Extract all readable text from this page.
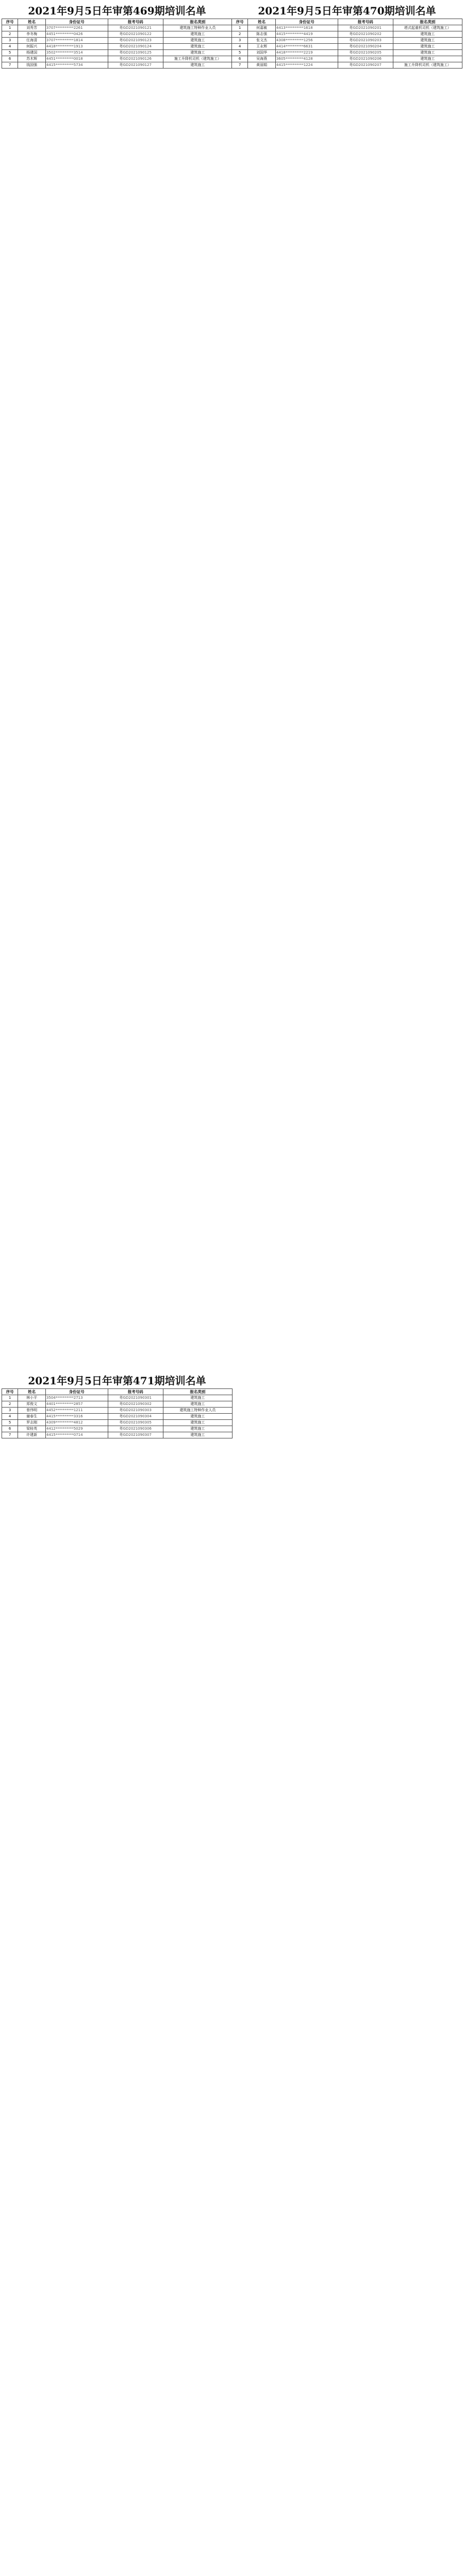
2021年9月5日年审第469期培训名单
序号	姓名	身份证号	报考号码	报名类别
1	刘秀芳	3707**********2261	粤GD2021090121	建筑施工特种作业人员
2	李冬梅	4451**********0426	粤GD2021090122	建筑施工
3	任海清	3707**********1814	粤GD2021090123	建筑施工
4	何振兴	4418**********1913	粤GD2021090124	建筑施工
5	杨建国	3502**********3514	粤GD2021090125	建筑施工
6	苏木辉	4451**********0018	粤GD2021090126	施工升降机司机（建筑施工）
7	钱国强	4415**********5734	粤GD2021090127	建筑施工
2021年9月5日年审第470期培训名单
序号	姓名	身份证号	报考号码	报名类别
1	何嘉敏	4413**********1618	粤GD2021090201	塔式起重机司机（建筑施工）
2	陈志强	4415**********4419	粤GD2021090202	建筑施工
3	张文杰	4308**********1256	粤GD2021090203	建筑施工
4	王永辉	4414**********6631	粤GD2021090204	建筑施工
5	刘国华	4418**********2219	粤GD2021090205	建筑施工
6	吴海燕	3605**********4128	粤GD2021090206	建筑施工
7	黄丽娟	4415**********1224	粤GD2021090207	施工升降机司机（建筑施工）
2021年9月5日年审第471期培训名单
序号	姓名	身份证号	报考号码	报名类别
1	林小平	3504**********2713	粤GD2021090301	建筑施工
2	郑俊文	4401**********2857	粤GD2021090302	建筑施工
3	曾伟明	4452**********1211	粤GD2021090303	建筑施工特种作业人员
4	谢春生	4415**********3316	粤GD2021090304	建筑施工
5	罗志刚	4309**********4812	粤GD2021090305	建筑施工
6	梁桂英	4412**********5029	粤GD2021090306	建筑施工
7	许建新	4415**********0714	粤GD2021090307	建筑施工
